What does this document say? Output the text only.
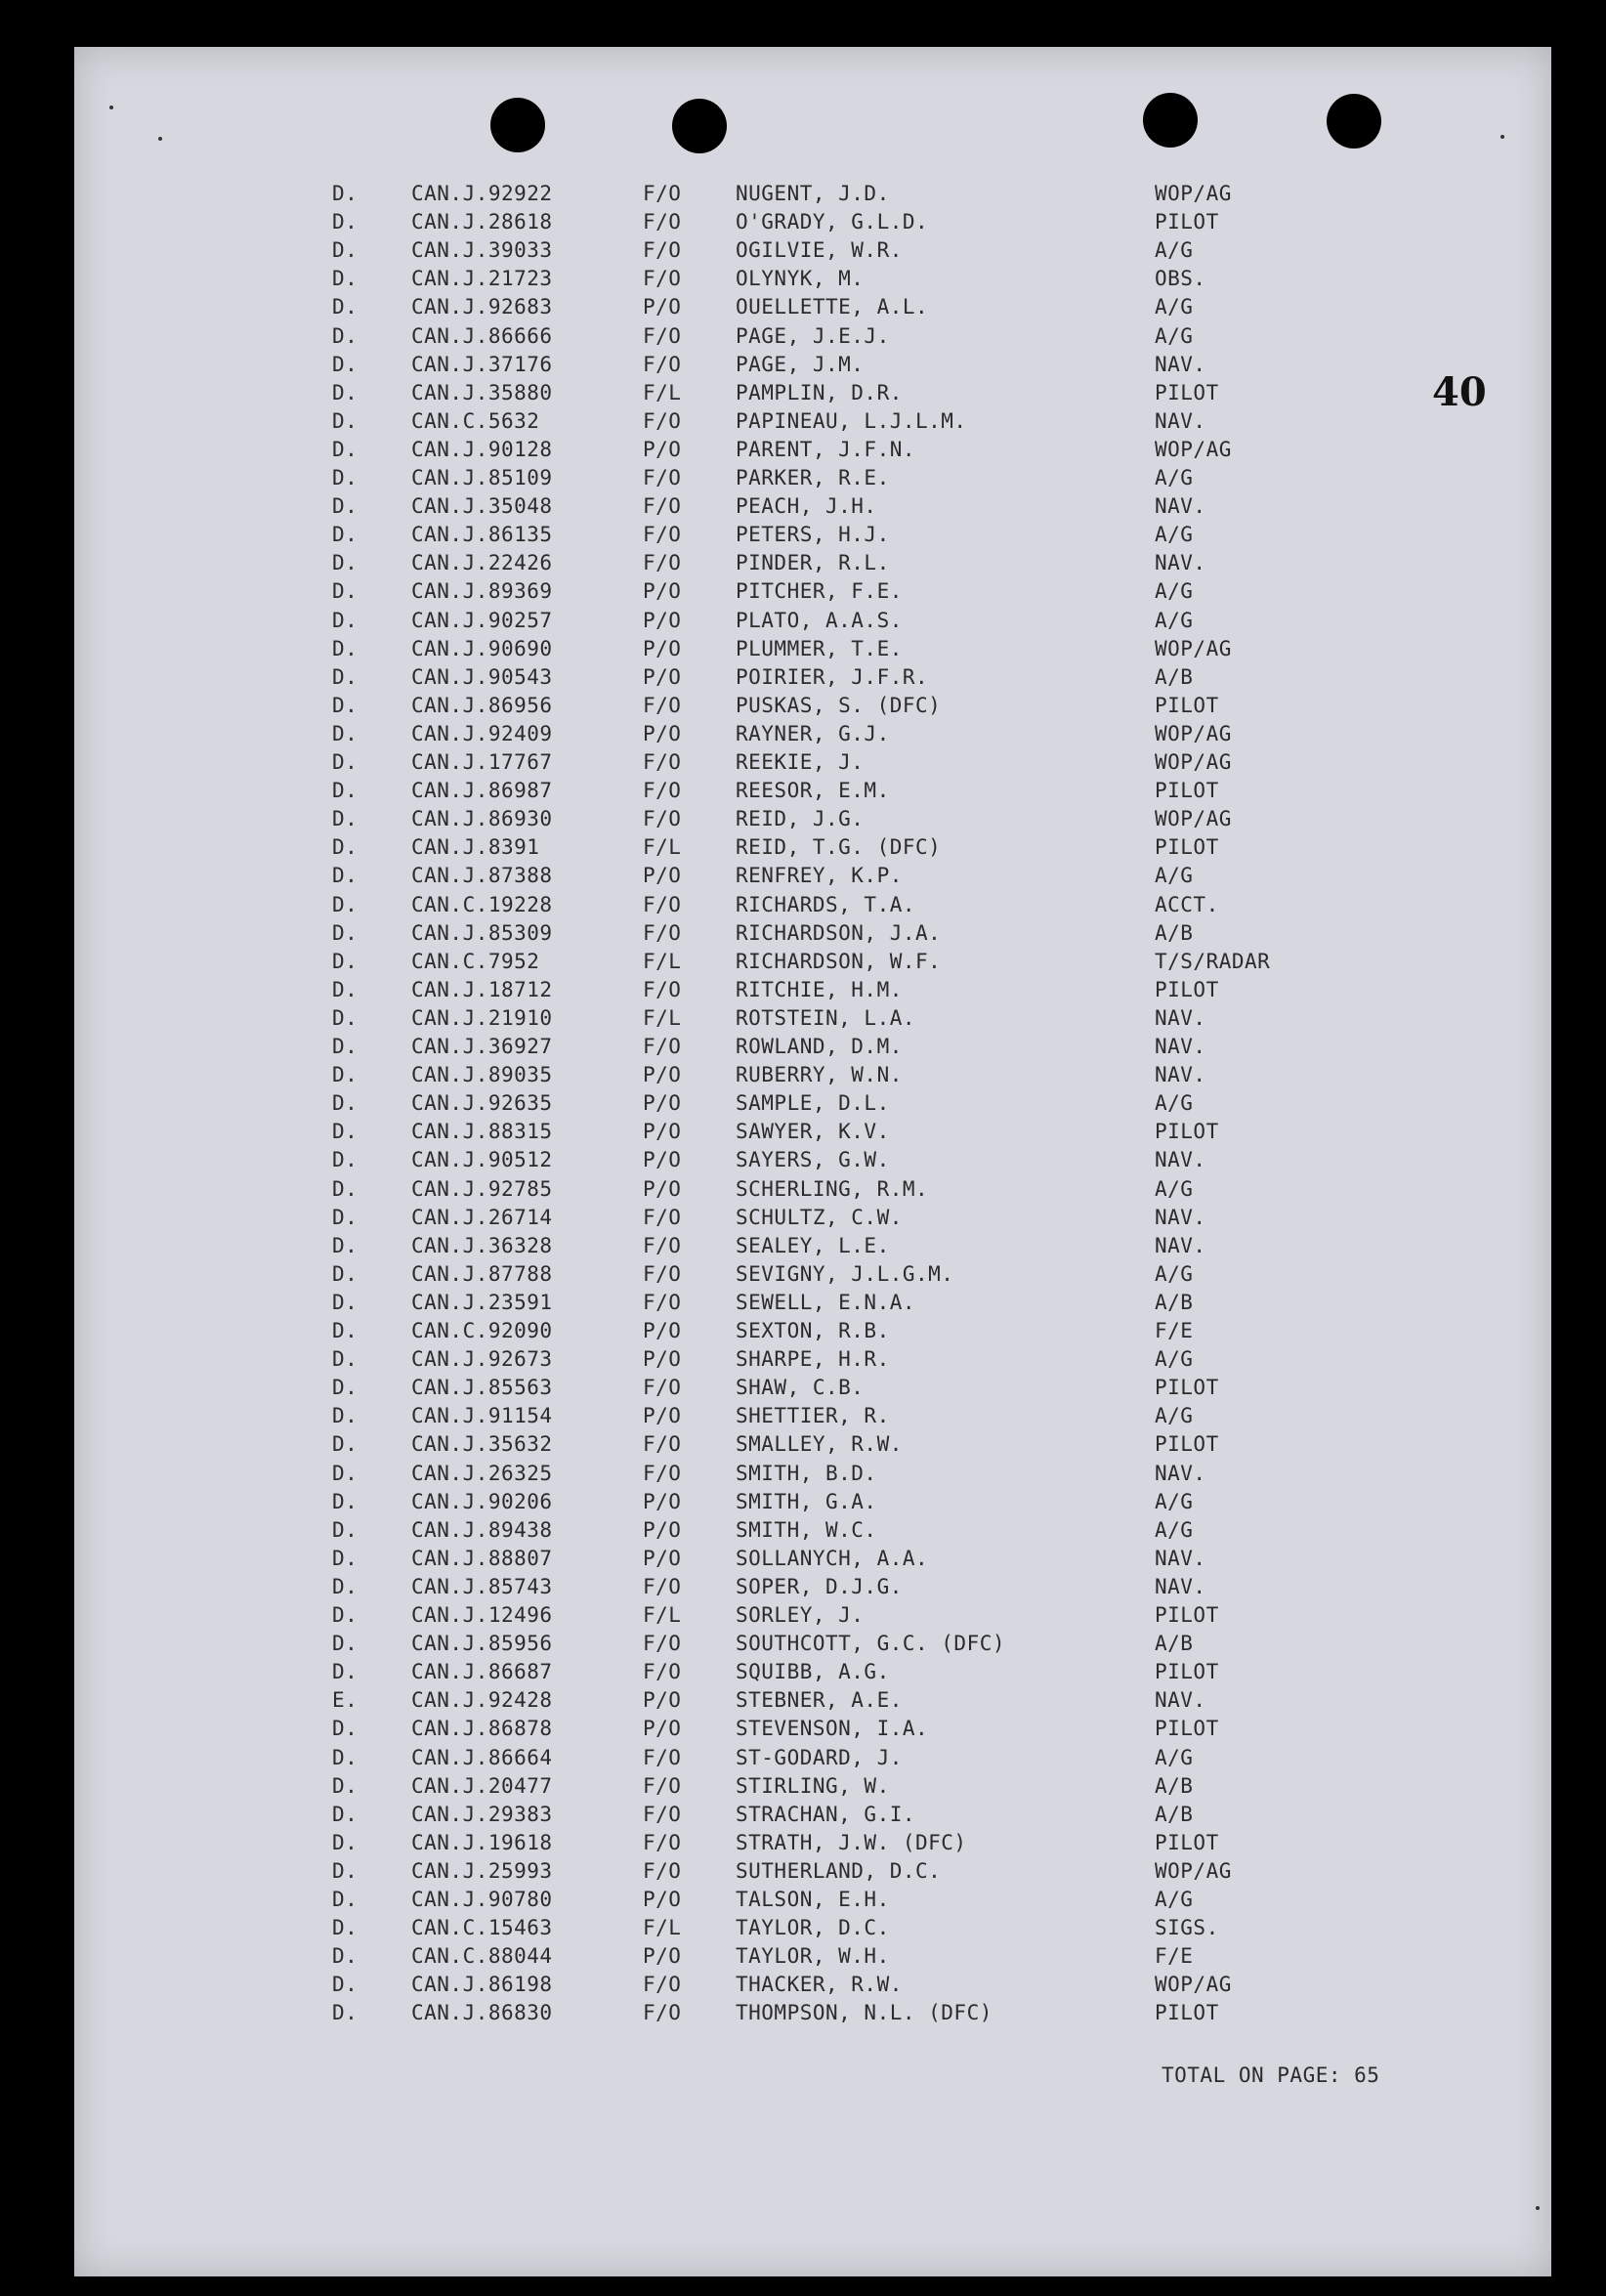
40
D.	CAN.J.92922	F/O	NUGENT, J.D.	WOP/AG
D.	CAN.J.28618	F/O	O'GRADY, G.L.D.	PILOT
D.	CAN.J.39033	F/O	OGILVIE, W.R.	A/G
D.	CAN.J.21723	F/O	OLYNYK, M.	OBS.
D.	CAN.J.92683	P/O	OUELLETTE, A.L.	A/G
D.	CAN.J.86666	F/O	PAGE, J.E.J.	A/G
D.	CAN.J.37176	F/O	PAGE, J.M.	NAV.
D.	CAN.J.35880	F/L	PAMPLIN, D.R.	PILOT
D.	CAN.C.5632	F/O	PAPINEAU, L.J.L.M.	NAV.
D.	CAN.J.90128	P/O	PARENT, J.F.N.	WOP/AG
D.	CAN.J.85109	F/O	PARKER, R.E.	A/G
D.	CAN.J.35048	F/O	PEACH, J.H.	NAV.
D.	CAN.J.86135	F/O	PETERS, H.J.	A/G
D.	CAN.J.22426	F/O	PINDER, R.L.	NAV.
D.	CAN.J.89369	P/O	PITCHER, F.E.	A/G
D.	CAN.J.90257	P/O	PLATO, A.A.S.	A/G
D.	CAN.J.90690	P/O	PLUMMER, T.E.	WOP/AG
D.	CAN.J.90543	P/O	POIRIER, J.F.R.	A/B
D.	CAN.J.86956	F/O	PUSKAS, S. (DFC)	PILOT
D.	CAN.J.92409	P/O	RAYNER, G.J.	WOP/AG
D.	CAN.J.17767	F/O	REEKIE, J.	WOP/AG
D.	CAN.J.86987	F/O	REESOR, E.M.	PILOT
D.	CAN.J.86930	F/O	REID, J.G.	WOP/AG
D.	CAN.J.8391	F/L	REID, T.G. (DFC)	PILOT
D.	CAN.J.87388	P/O	RENFREY, K.P.	A/G
D.	CAN.C.19228	F/O	RICHARDS, T.A.	ACCT.
D.	CAN.J.85309	F/O	RICHARDSON, J.A.	A/B
D.	CAN.C.7952	F/L	RICHARDSON, W.F.	T/S/RADAR
D.	CAN.J.18712	F/O	RITCHIE, H.M.	PILOT
D.	CAN.J.21910	F/L	ROTSTEIN, L.A.	NAV.
D.	CAN.J.36927	F/O	ROWLAND, D.M.	NAV.
D.	CAN.J.89035	P/O	RUBERRY, W.N.	NAV.
D.	CAN.J.92635	P/O	SAMPLE, D.L.	A/G
D.	CAN.J.88315	P/O	SAWYER, K.V.	PILOT
D.	CAN.J.90512	P/O	SAYERS, G.W.	NAV.
D.	CAN.J.92785	P/O	SCHERLING, R.M.	A/G
D.	CAN.J.26714	F/O	SCHULTZ, C.W.	NAV.
D.	CAN.J.36328	F/O	SEALEY, L.E.	NAV.
D.	CAN.J.87788	F/O	SEVIGNY, J.L.G.M.	A/G
D.	CAN.J.23591	F/O	SEWELL, E.N.A.	A/B
D.	CAN.C.92090	P/O	SEXTON, R.B.	F/E
D.	CAN.J.92673	P/O	SHARPE, H.R.	A/G
D.	CAN.J.85563	F/O	SHAW, C.B.	PILOT
D.	CAN.J.91154	P/O	SHETTIER, R.	A/G
D.	CAN.J.35632	F/O	SMALLEY, R.W.	PILOT
D.	CAN.J.26325	F/O	SMITH, B.D.	NAV.
D.	CAN.J.90206	P/O	SMITH, G.A.	A/G
D.	CAN.J.89438	P/O	SMITH, W.C.	A/G
D.	CAN.J.88807	P/O	SOLLANYCH, A.A.	NAV.
D.	CAN.J.85743	F/O	SOPER, D.J.G.	NAV.
D.	CAN.J.12496	F/L	SORLEY, J.	PILOT
D.	CAN.J.85956	F/O	SOUTHCOTT, G.C. (DFC)	A/B
D.	CAN.J.86687	F/O	SQUIBB, A.G.	PILOT
E.	CAN.J.92428	P/O	STEBNER, A.E.	NAV.
D.	CAN.J.86878	P/O	STEVENSON, I.A.	PILOT
D.	CAN.J.86664	F/O	ST-GODARD, J.	A/G
D.	CAN.J.20477	F/O	STIRLING, W.	A/B
D.	CAN.J.29383	F/O	STRACHAN, G.I.	A/B
D.	CAN.J.19618	F/O	STRATH, J.W. (DFC)	PILOT
D.	CAN.J.25993	F/O	SUTHERLAND, D.C.	WOP/AG
D.	CAN.J.90780	P/O	TALSON, E.H.	A/G
D.	CAN.C.15463	F/L	TAYLOR, D.C.	SIGS.
D.	CAN.C.88044	P/O	TAYLOR, W.H.	F/E
D.	CAN.J.86198	F/O	THACKER, R.W.	WOP/AG
D.	CAN.J.86830	F/O	THOMPSON, N.L. (DFC)	PILOT
TOTAL ON PAGE: 65
